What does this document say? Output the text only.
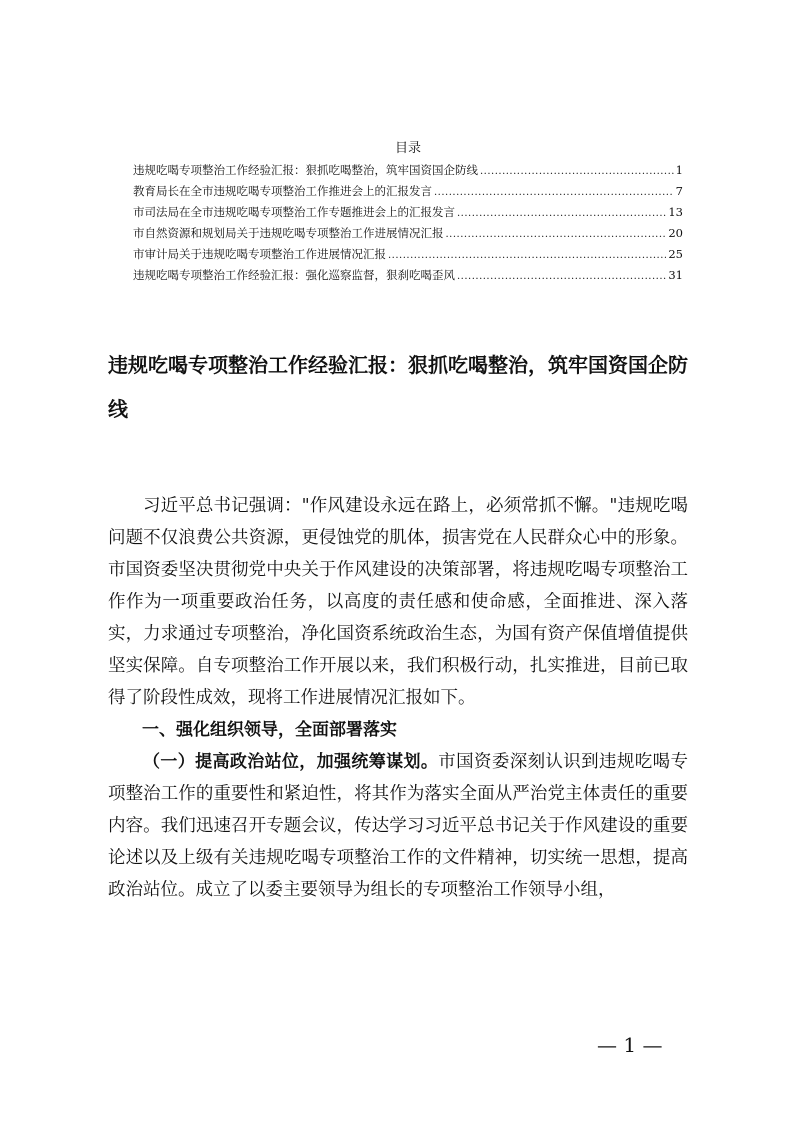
目录
违规吃喝专项整治工作经验汇报：狠抓吃喝整治，筑牢国资国企防线 .....	1
教育局长在全市违规吃喝专项整治工作推进会上的汇报发言 .....	7
市司法局在全市违规吃喝专项整治工作专题推进会上的汇报发言 .....	13
市自然资源和规划局关于违规吃喝专项整治工作进展情况汇报 .....	20
市审计局关于违规吃喝专项整治工作进展情况汇报 .....	25
违规吃喝专项整治工作经验汇报：强化巡察监督，狠刹吃喝歪风 .....	31
违规吃喝专项整治工作经验汇报：狠抓吃喝整治，筑牢国资国企防线

习近平总书记强调："作风建设永远在路上，必须常抓不懈。"违规吃喝问题不仅浪费公共资源，更侵蚀党的肌体，损害党在人民群众心中的形象。市国资委坚决贯彻党中央关于作风建设的决策部署，将违规吃喝专项整治工作作为一项重要政治任务，以高度的责任感和使命感，全面推进、深入落实，力求通过专项整治，净化国资系统政治生态，为国有资产保值增值提供坚实保障。自专项整治工作开展以来，我们积极行动，扎实推进，目前已取得了阶段性成效，现将工作进展情况汇报如下。

一、强化组织领导，全面部署落实

（一）提高政治站位，加强统筹谋划。市国资委深刻认识到违规吃喝专项整治工作的重要性和紧迫性，将其作为落实全面从严治党主体责任的重要内容。我们迅速召开专题会议，传达学习习近平总书记关于作风建设的重要论述以及上级有关违规吃喝专项整治工作的文件精神，切实统一思想，提高政治站位。成立了以委主要领导为组长的专项整治工作领导小组，

— 1 —
